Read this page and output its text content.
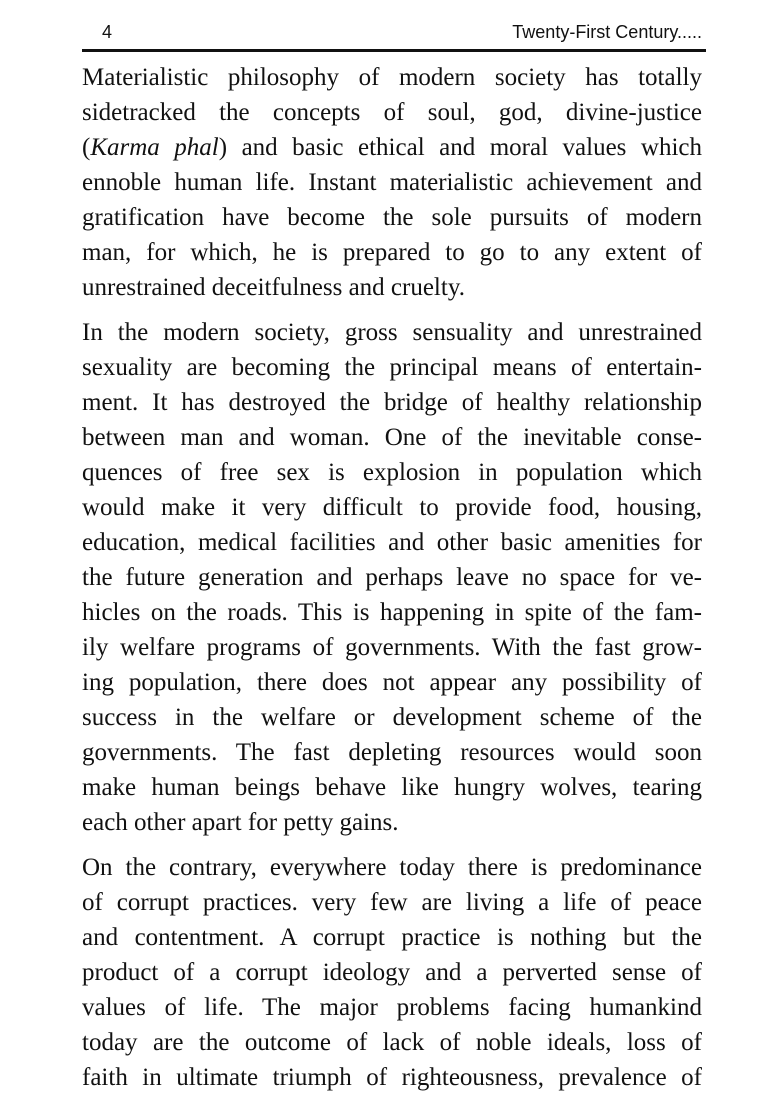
4	Twenty-First Century.....
Materialistic philosophy of modern society has totally
sidetracked the concepts of soul, god, divine-justice
(Karma phal) and basic ethical and moral values which
ennoble human life. Instant materialistic achievement and
gratification have become the sole pursuits of modern
man, for which, he is prepared to go to any extent of
unrestrained deceitfulness and cruelty.
In the modern society, gross sensuality and unrestrained
sexuality are becoming the principal means of entertain-
ment. It has destroyed the bridge of healthy relationship
between man and woman. One of the inevitable conse-
quences of free sex is explosion in population which
would make it very difficult to provide food, housing,
education, medical facilities and other basic amenities for
the future generation and perhaps leave no space for ve-
hicles on the roads. This is happening in spite of the fam-
ily welfare programs of governments. With the fast grow-
ing population, there does not appear any possibility of
success in the welfare or development scheme of the
governments. The fast depleting resources would soon
make human beings behave like hungry wolves, tearing
each other apart for petty gains.
On the contrary, everywhere today there is predominance
of corrupt practices. very few are living a life of peace
and contentment. A corrupt practice is nothing but the
product of a corrupt ideology and a perverted sense of
values of life. The major problems facing humankind
today are the outcome of lack of noble ideals, loss of
faith in ultimate triumph of righteousness, prevalence of
